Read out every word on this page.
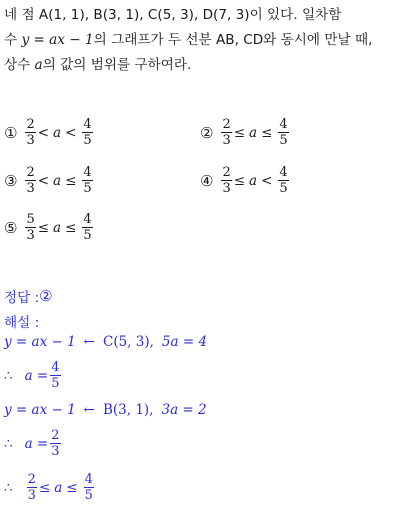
네 점 A(1, 1), B(3, 1), C(5, 3), D(7, 3)이 있다. 일차함
수 y = ax − 1의 그래프가 두 선분 AB, CD와 동시에 만날 때,
상수 a의 값의 범위를 구하여라.
① $\frac{2}{3} < a < \frac{4}{5}$	② $\frac{2}{3} \le a \le \frac{4}{5}$
③ $\frac{2}{3} < a \le \frac{4}{5}$	④ $\frac{2}{3} \le a < \frac{4}{5}$
⑤ $\frac{5}{3} \le a \le \frac{4}{5}$
정답 : ②
해설 :
y = ax − 1 ← C(5, 3), 5a = 4
∴ $a = \frac{4}{5}$
y = ax − 1 ← B(3, 1), 3a = 2
∴ $a = \frac{2}{3}$
∴ $\frac{2}{3} \le a \le \frac{4}{5}$
